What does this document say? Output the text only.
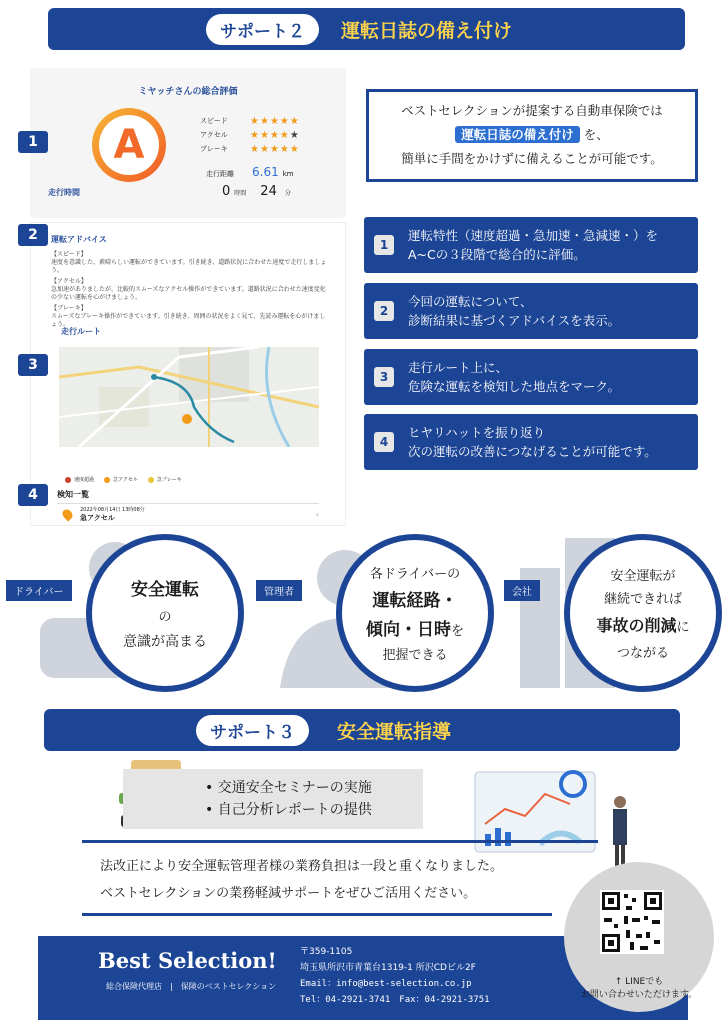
サポート２	運転日誌の備え付け
ミヤッチさんの総合評価
A
スピード	★★★★★
アクセル	★★★★★
ブレーキ	★★★★★
走行距離 6.61 km
走行時間	0 時間 24 分
運転アドバイス
【スピード】
速度を意識した、素晴らしい運転ができています。引き続き、道路状況に合わせた速度で走行しましょう。
【アクセル】
急加速がありましたが、比較的スムーズなアクセル操作ができています。道路状況に合わせた速度変化の少ない運転を心がけましょう。
【ブレーキ】
スムーズなブレーキ操作ができています。引き続き、周囲の状況をよく見て、先読み運転を心がけましょう。
走行ルート
速度超過	急アクセル	急ブレーキ
検知一覧
2022年08月14日 13時08分
急アクセル	›
1
2
3
4
ベストセレクションが提案する自動車保険では
運転日誌の備え付け を、
簡単に手間をかけずに備えることが可能です。
1
運転特性（速度超過・急加速・急減速・）を
A~Cの３段階で総合的に評価。
2
今回の運転について、
診断結果に基づくアドバイスを表示。
3
走行ルート上に、
危険な運転を検知した地点をマーク。
4
ヒヤリハットを振り返り
次の運転の改善につなげることが可能です。
ドライバー	安全運転
の
意識が高まる
管理者
各ドライバーの
運転経路・
傾向・日時を
把握できる
会社
安全運転が
継続できれば
事故の削減に
つながる
サポート３	安全運転指導
• 交通安全セミナーの実施
• 自己分析レポートの提供
法改正により安全運転管理者様の業務負担は一段と重くなりました。
ベストセレクションの業務軽減サポートをぜひご活用ください。
Best Selection!
総合保険代理店　|　保険のベストセレクション
〒359-1105
埼玉県所沢市青葉台1319-1 所沢CDビル2F
Email：info@best-selection.co.jp
Tel：04-2921-3741　Fax：04-2921-3751
↑ LINEでも
お問い合わせいただけます。
